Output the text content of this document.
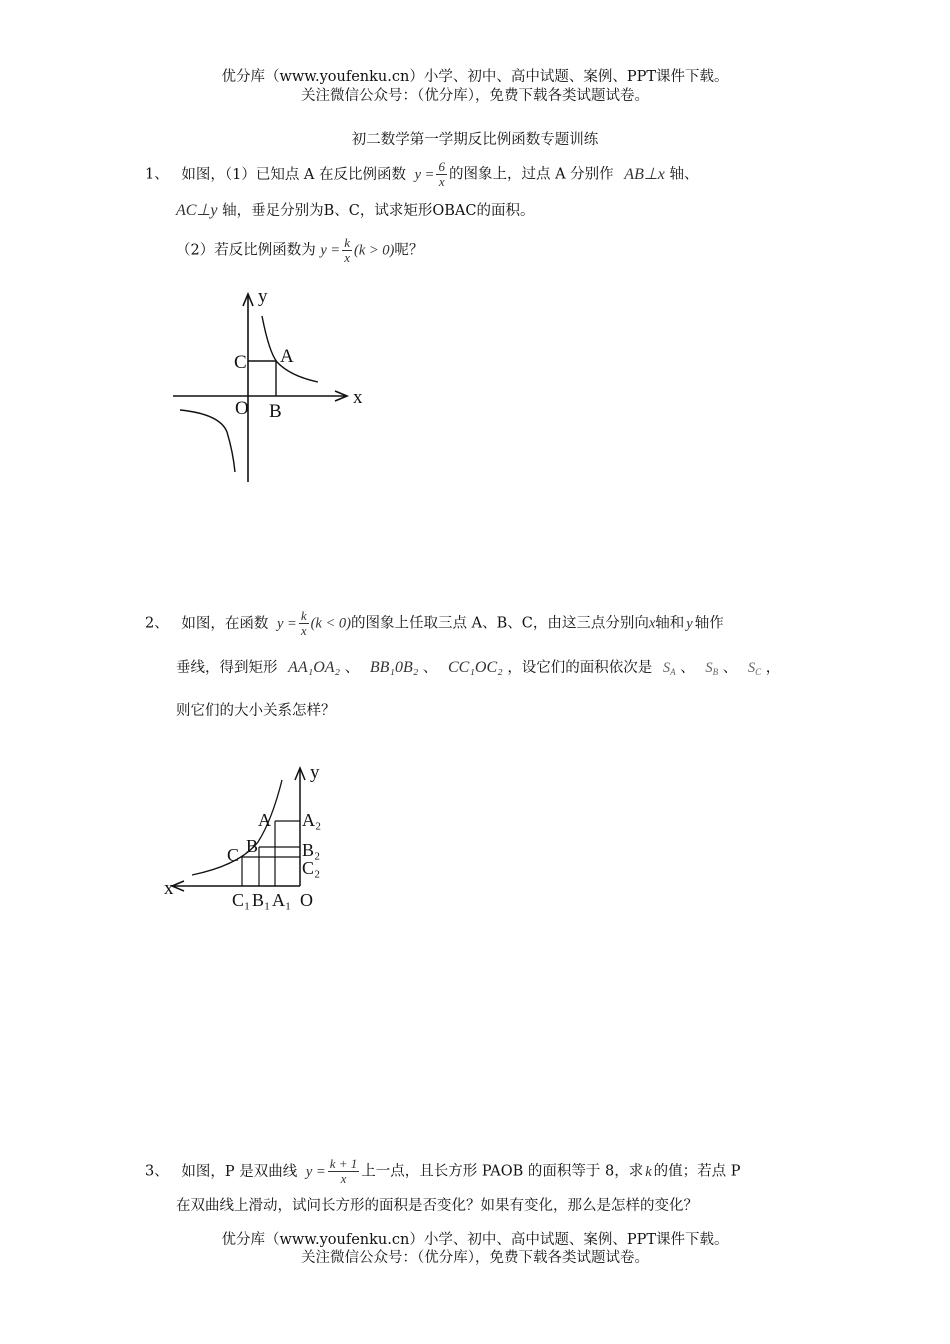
优分库（www.youfenku.cn）小学、初中、高中试题、案例、PPT课件下载。
关注微信公众号：（优分库），免费下载各类试题试卷。
初二数学第一学期反比例函数专题训练
1、 如图，（1）已知点 A 在反比例函数 $y = \frac{6}{x}$ 的图象上，过点 A 分别作 AB⊥x 轴、
AC⊥y 轴，垂足分别为B、C，试求矩形OBAC的面积。
（2）若反比例函数为 $y = \frac{k}{x} (k > 0)$呢？
y
x
C A
O B
2、 如图，在函数 $y = \frac{k}{x} (k < 0)$的图象上任取三点 A、B、C，由这三点分别向x轴和 y 轴作
垂线，得到矩形 AA₁OA₂ 、 BB₁0B₂ 、 CC₁OC₂ ，设它们的面积依次是 $S_A$ 、 $S_B$ 、 $S_C$ ，
则它们的大小关系怎样？
y
x
A A₂
B B₂
C
C₂
C₁ B₁ A₁ O
3、 如图，P 是双曲线 $y = \frac{k + 1}{x}$ 上一点，且长方形 PAOB 的面积等于 8，求 k 的值；若点 P
在双曲线上滑动，试问长方形的面积是否变化？如果有变化，那么是怎样的变化？
优分库（www.youfenku.cn）小学、初中、高中试题、案例、PPT课件下载。
关注微信公众号：（优分库），免费下载各类试题试卷。
